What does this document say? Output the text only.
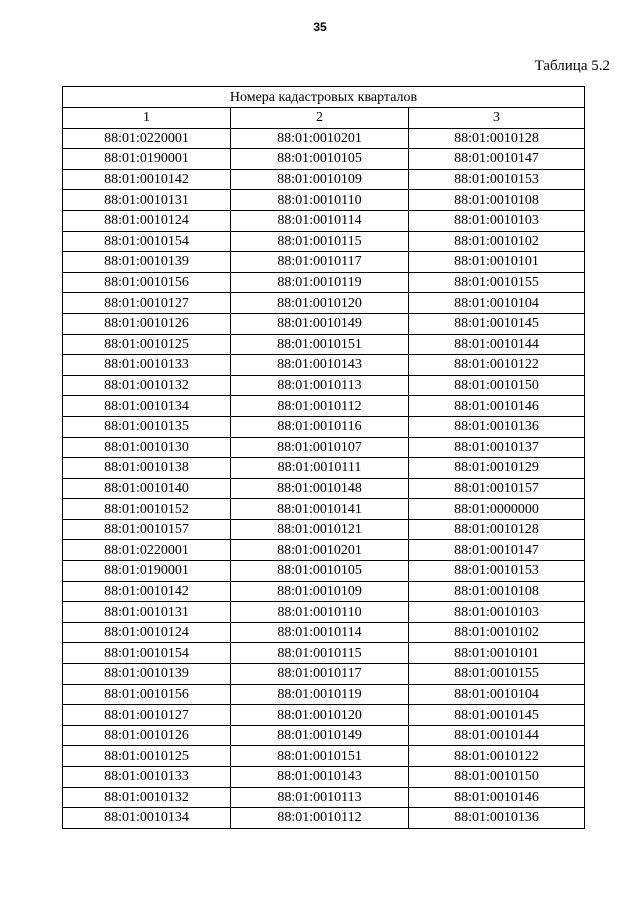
35
Таблица 5.2
Номера кадастровых кварталов		
1	2	3
88:01:0220001	88:01:0010201	88:01:0010128
88:01:0190001	88:01:0010105	88:01:0010147
88:01:0010142	88:01:0010109	88:01:0010153
88:01:0010131	88:01:0010110	88:01:0010108
88:01:0010124	88:01:0010114	88:01:0010103
88:01:0010154	88:01:0010115	88:01:0010102
88:01:0010139	88:01:0010117	88:01:0010101
88:01:0010156	88:01:0010119	88:01:0010155
88:01:0010127	88:01:0010120	88:01:0010104
88:01:0010126	88:01:0010149	88:01:0010145
88:01:0010125	88:01:0010151	88:01:0010144
88:01:0010133	88:01:0010143	88:01:0010122
88:01:0010132	88:01:0010113	88:01:0010150
88:01:0010134	88:01:0010112	88:01:0010146
88:01:0010135	88:01:0010116	88:01:0010136
88:01:0010130	88:01:0010107	88:01:0010137
88:01:0010138	88:01:0010111	88:01:0010129
88:01:0010140	88:01:0010148	88:01:0010157
88:01:0010152	88:01:0010141	88:01:0000000
88:01:0010157	88:01:0010121	88:01:0010128
88:01:0220001	88:01:0010201	88:01:0010147
88:01:0190001	88:01:0010105	88:01:0010153
88:01:0010142	88:01:0010109	88:01:0010108
88:01:0010131	88:01:0010110	88:01:0010103
88:01:0010124	88:01:0010114	88:01:0010102
88:01:0010154	88:01:0010115	88:01:0010101
88:01:0010139	88:01:0010117	88:01:0010155
88:01:0010156	88:01:0010119	88:01:0010104
88:01:0010127	88:01:0010120	88:01:0010145
88:01:0010126	88:01:0010149	88:01:0010144
88:01:0010125	88:01:0010151	88:01:0010122
88:01:0010133	88:01:0010143	88:01:0010150
88:01:0010132	88:01:0010113	88:01:0010146
88:01:0010134	88:01:0010112	88:01:0010136
